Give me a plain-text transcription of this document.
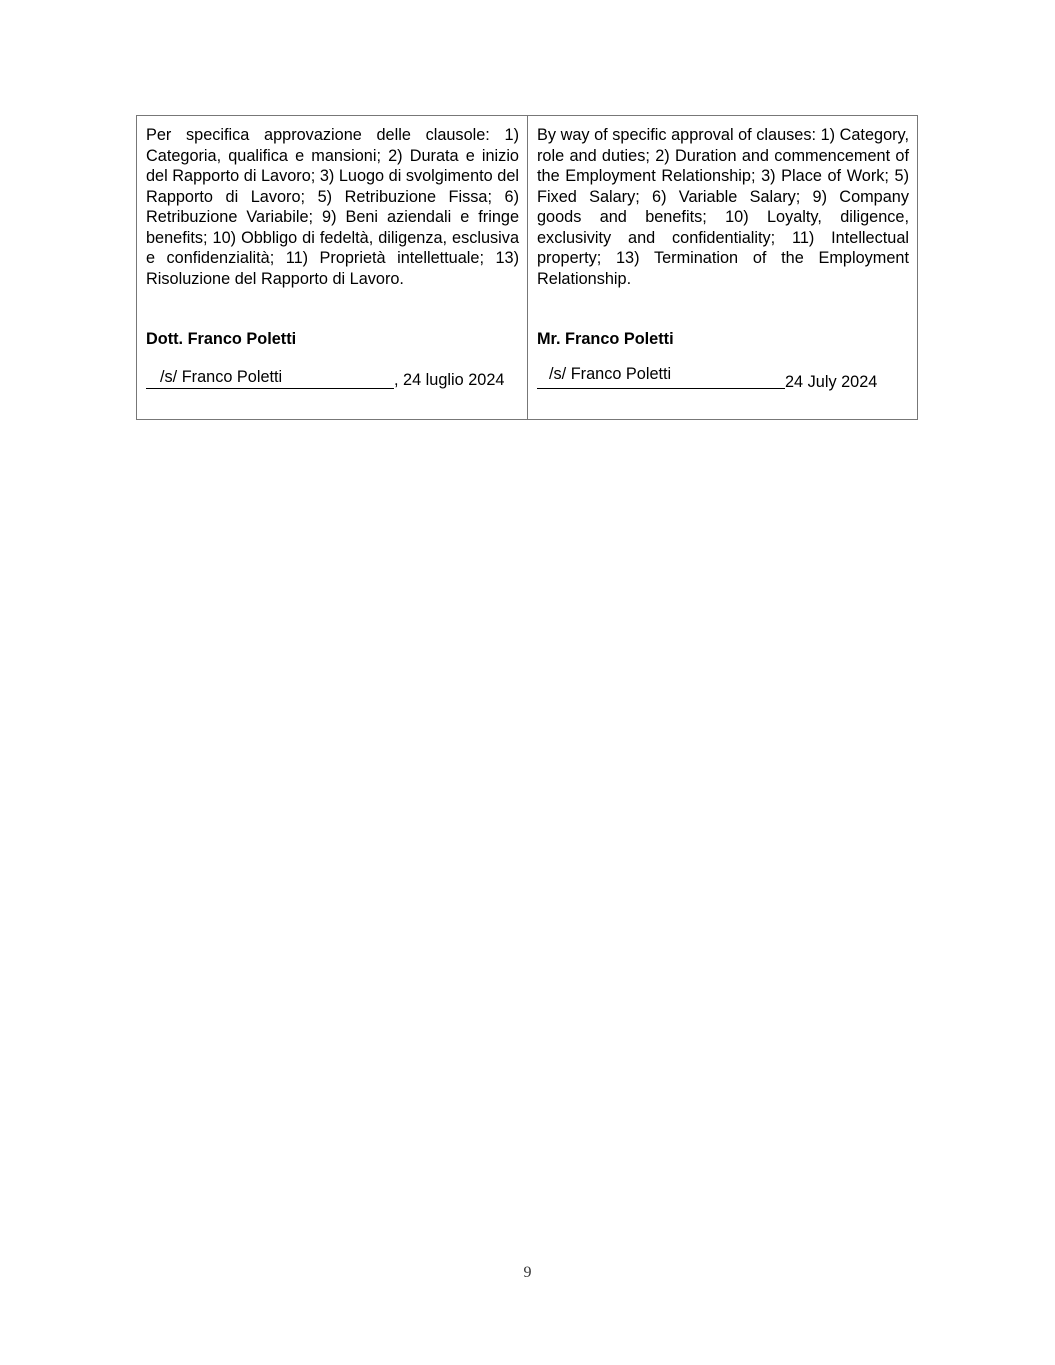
Per specifica approvazione delle clausole: 1) Categoria, qualifica e mansioni; 2) Durata e inizio del Rapporto di Lavoro; 3) Luogo di svolgimento del Rapporto di Lavoro; 5) Retribuzione Fissa; 6) Retribuzione Variabile; 9) Beni aziendali e fringe benefits; 10) Obbligo di fedeltà, diligenza, esclusiva e confidenzialità; 11) Proprietà intellettuale; 13) Risoluzione del Rapporto di Lavoro.

Dott. Franco Poletti

/s/ Franco Poletti	, 24 luglio 2024

By way of specific approval of clauses: 1) Category, role and duties; 2) Duration and commencement of the Employment Relationship; 3) Place of Work; 5) Fixed Salary; 6) Variable Salary; 9) Company goods and benefits; 10) Loyalty, diligence, exclusivity and confidentiality; 11) Intellectual property; 13) Termination of the Employment Relationship.

Mr. Franco Poletti

/s/ Franco Poletti	24 July 2024
9
